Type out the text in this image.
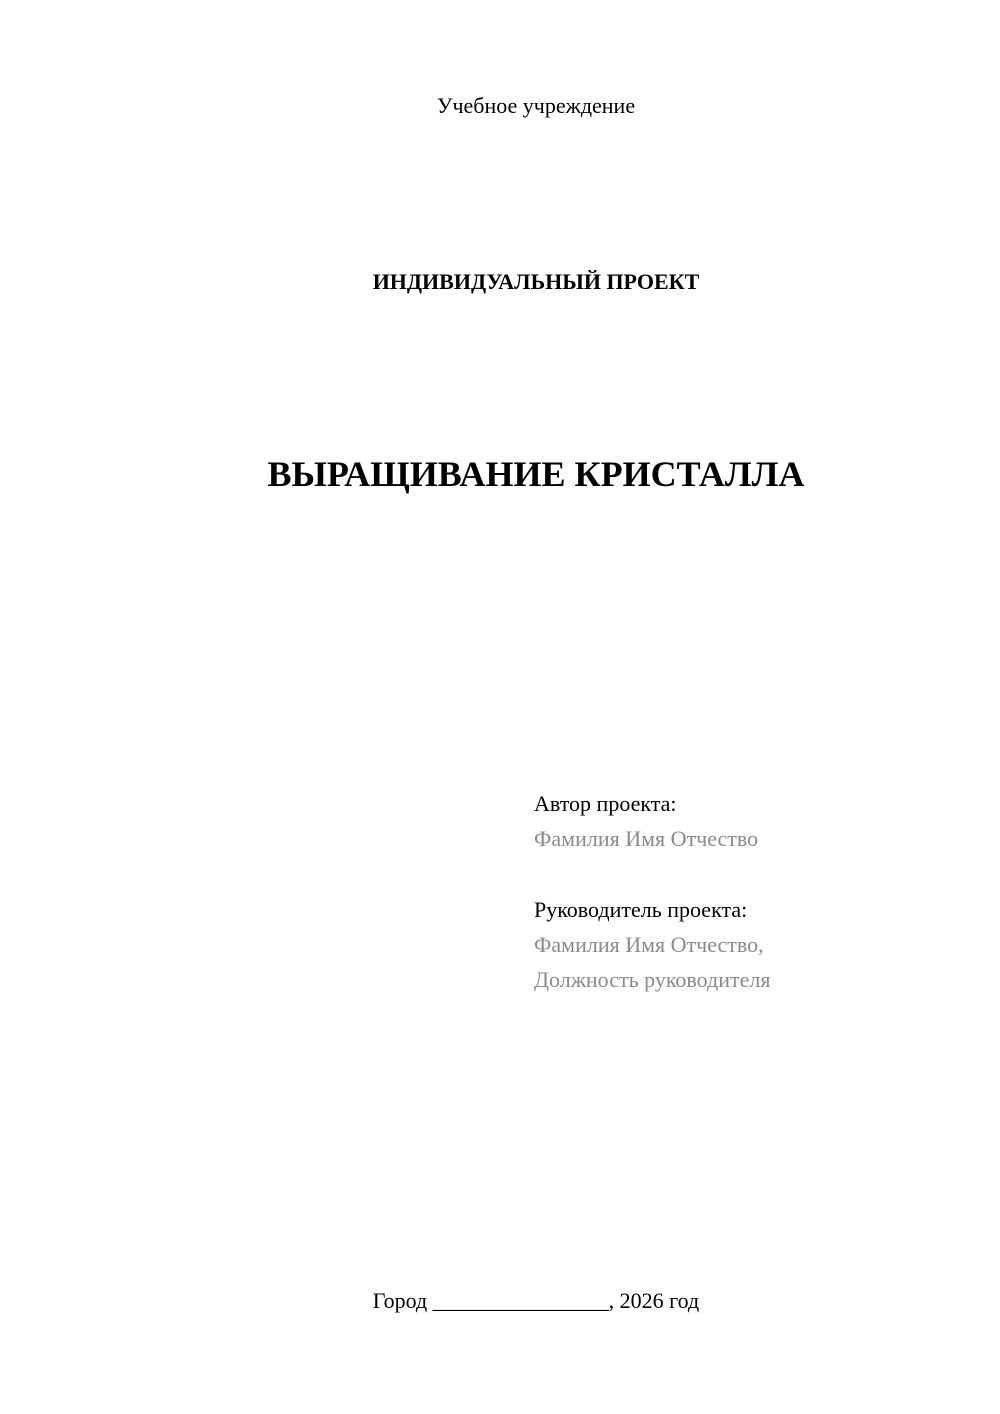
Учебное учреждение
ИНДИВИДУАЛЬНЫЙ ПРОЕКТ
ВЫРАЩИВАНИЕ КРИСТАЛЛА
Автор проекта:
Фамилия Имя Отчество
Руководитель проекта:
Фамилия Имя Отчество,
Должность руководителя
Город ________________, 2026 год
